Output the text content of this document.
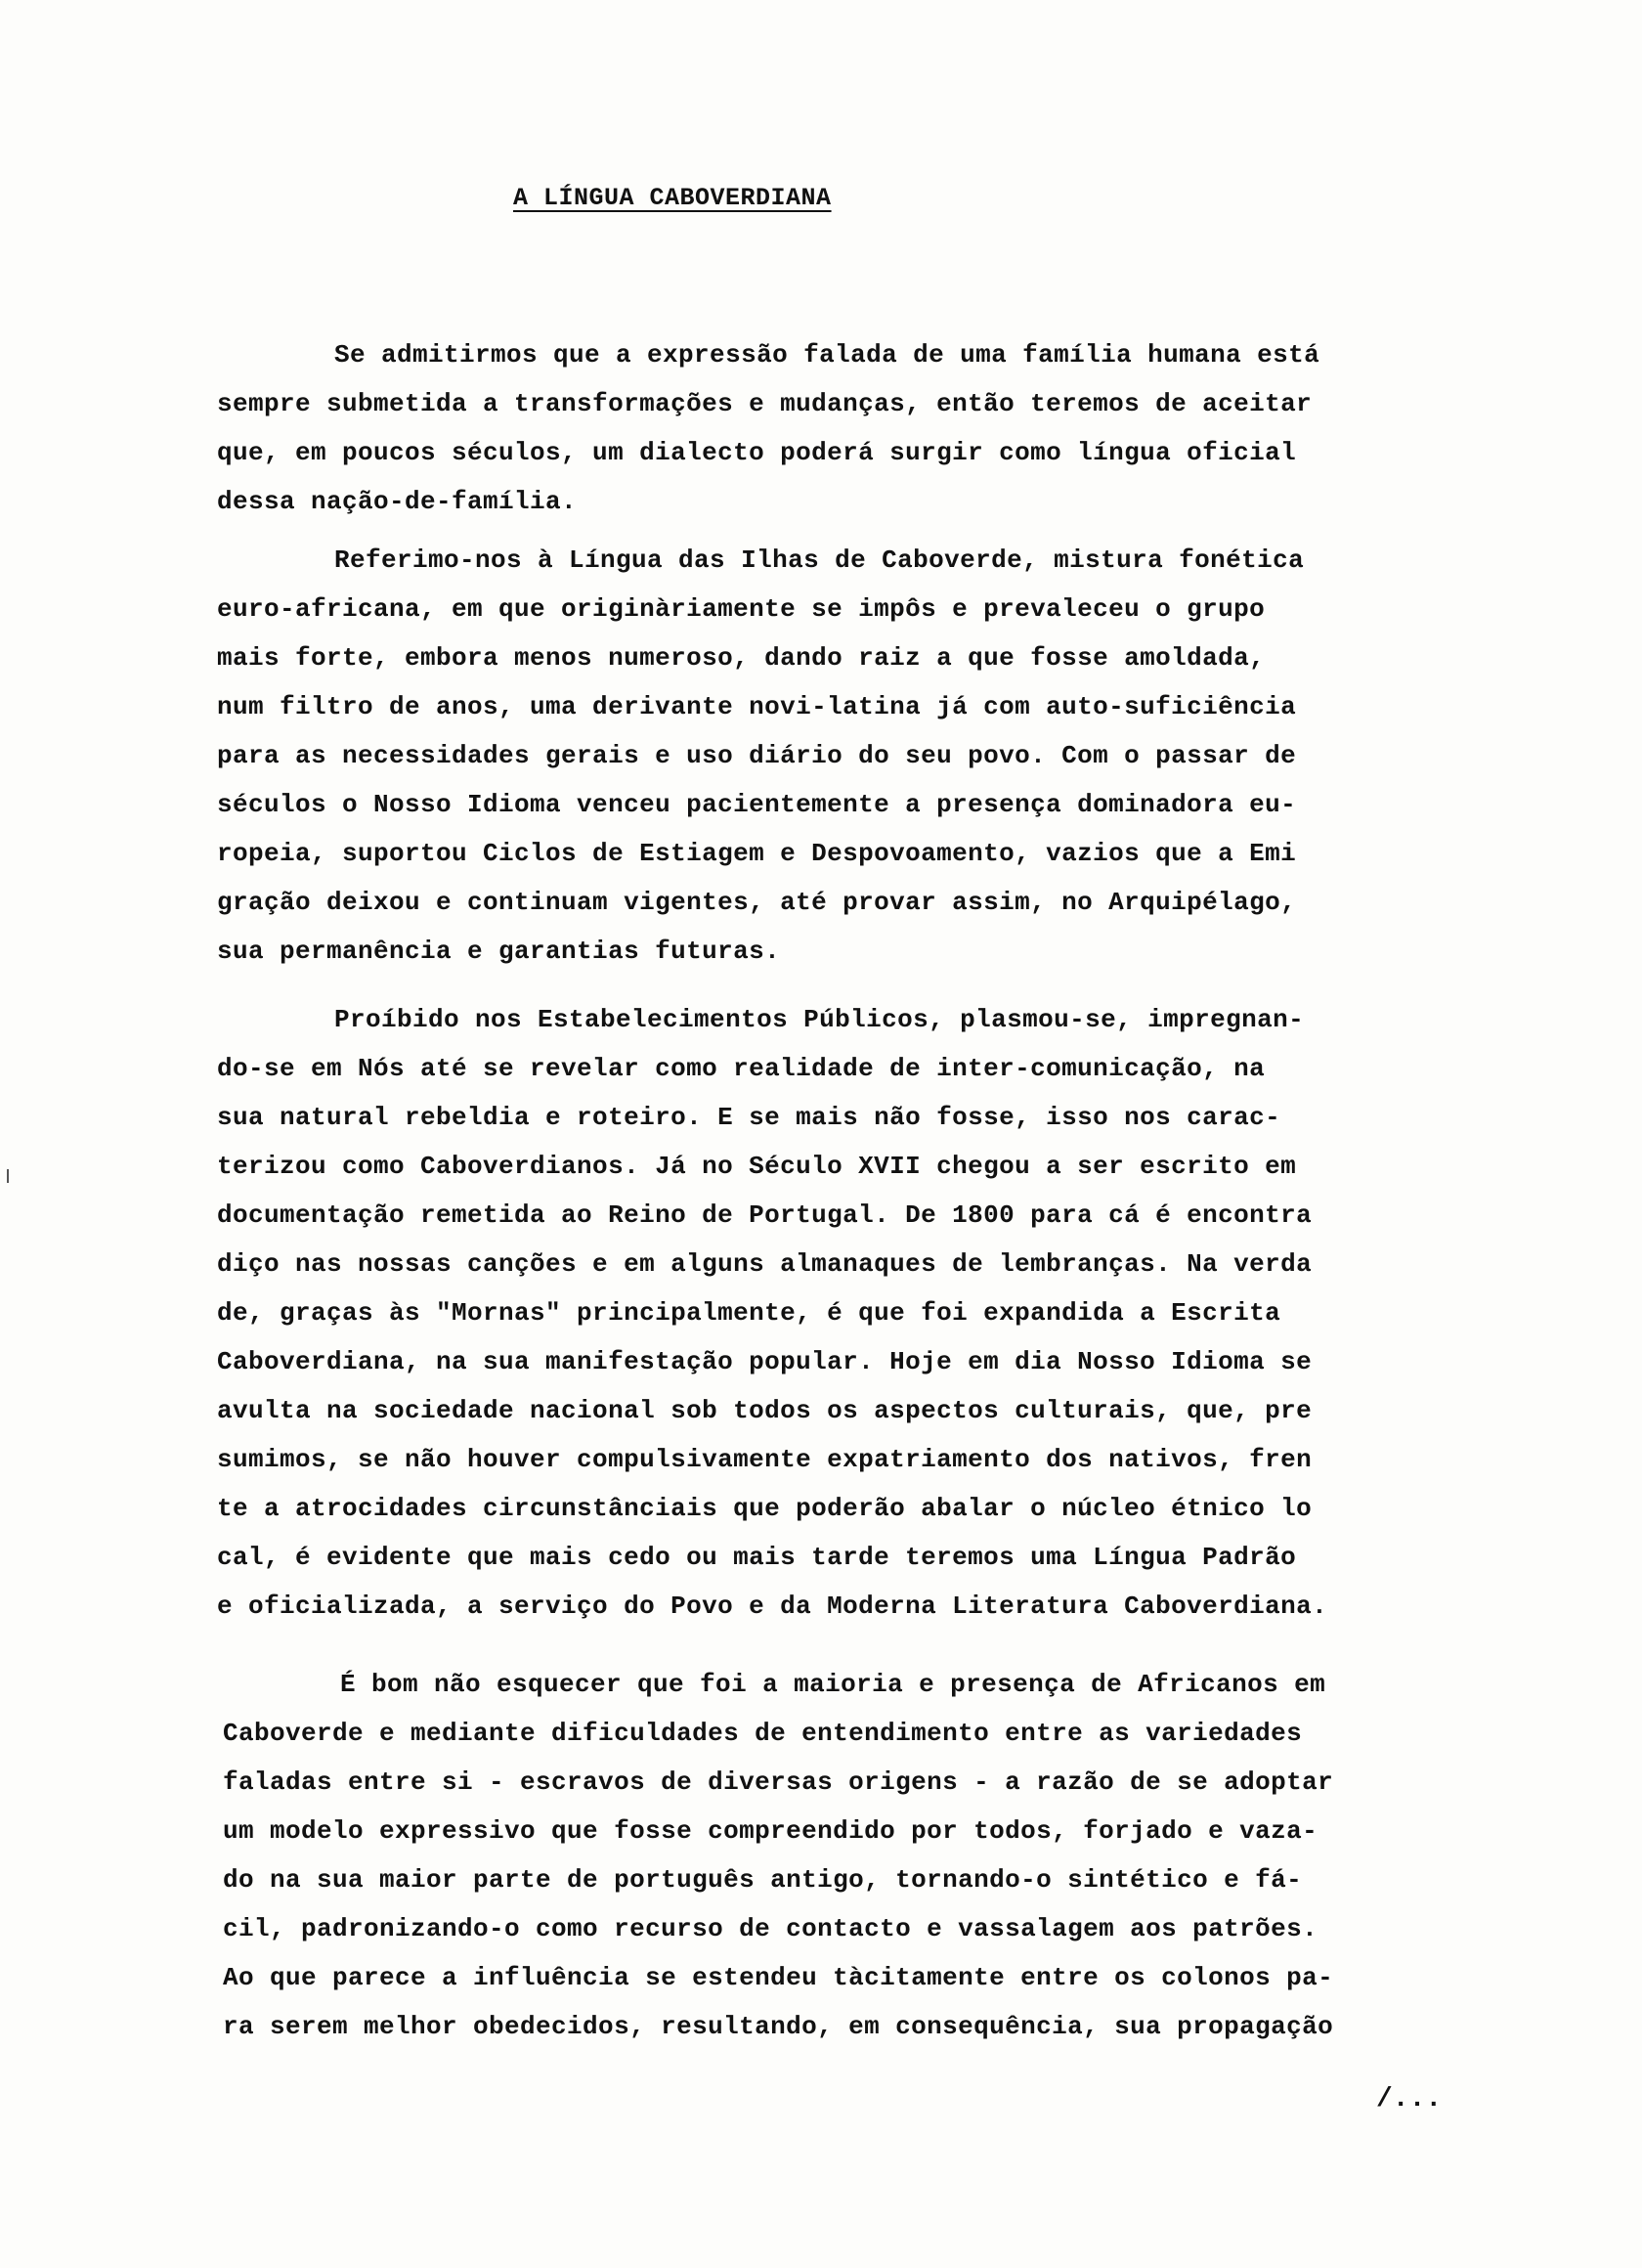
A LÍNGUA CABOVERDIANA

Se admitirmos que a expressão falada de uma família humana está
sempre submetida a transformações e mudanças, então teremos de aceitar
que, em poucos séculos, um dialecto poderá surgir como língua oficial
dessa nação-de-família.

Referimo-nos à Língua das Ilhas de Caboverde, mistura fonética
euro-africana, em que originàriamente se impôs e prevaleceu o grupo
mais forte, embora menos numeroso, dando raiz a que fosse amoldada,
num filtro de anos, uma derivante novi-latina já com auto-suficiência
para as necessidades gerais e uso diário do seu povo. Com o passar de
séculos o Nosso Idioma venceu pacientemente a presença dominadora eu-
ropeia, suportou Ciclos de Estiagem e Despovoamento, vazios que a Emi
gração deixou e continuam vigentes, até provar assim, no Arquipélago,
sua permanência e garantias futuras.

Proíbido nos Estabelecimentos Públicos, plasmou-se, impregnan-
do-se em Nós até se revelar como realidade de inter-comunicação, na
sua natural rebeldia e roteiro. E se mais não fosse, isso nos carac-
terizou como Caboverdianos. Já no Século XVII chegou a ser escrito em
documentação remetida ao Reino de Portugal. De 1800 para cá é encontra
diço nas nossas canções e em alguns almanaques de lembranças. Na verda
de, graças às "Mornas" principalmente, é que foi expandida a Escrita
Caboverdiana, na sua manifestação popular. Hoje em dia Nosso Idioma se
avulta na sociedade nacional sob todos os aspectos culturais, que, pre
sumimos, se não houver compulsivamente expatriamento dos nativos, fren
te a atrocidades circunstânciais que poderão abalar o núcleo étnico lo
cal, é evidente que mais cedo ou mais tarde teremos uma Língua Padrão
e oficializada, a serviço do Povo e da Moderna Literatura Caboverdiana.

É bom não esquecer que foi a maioria e presença de Africanos em
Caboverde e mediante dificuldades de entendimento entre as variedades
faladas entre si - escravos de diversas origens - a razão de se adoptar
um modelo expressivo que fosse compreendido por todos, forjado e vaza-
do na sua maior parte de português antigo, tornando-o sintético e fá-
cil, padronizando-o como recurso de contacto e vassalagem aos patrões.
Ao que parece a influência se estendeu tàcitamente entre os colonos pa-
ra serem melhor obedecidos, resultando, em consequência, sua propagação

/...
